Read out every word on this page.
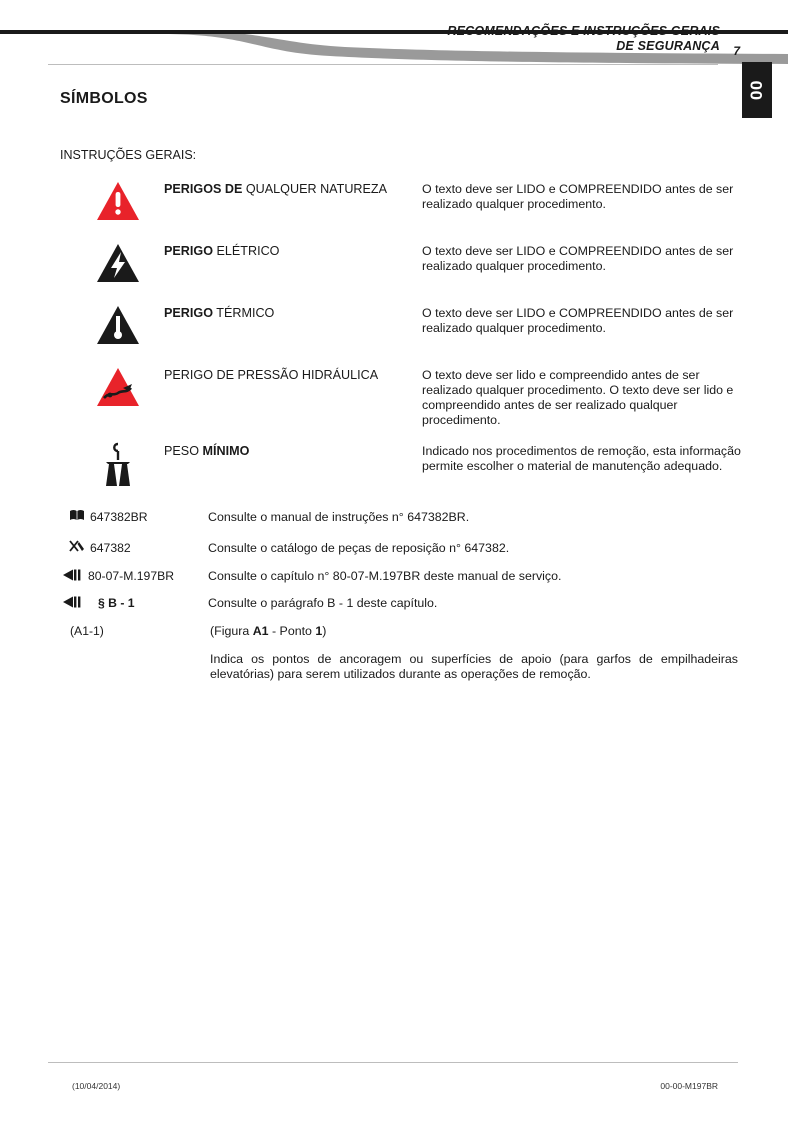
RECOMENDAÇÕES E INSTRUÇÕES GERAIS
DE SEGURANÇA 7
00
SÍMBOLOS
INSTRUÇÕES GERAIS:
PERIGOS DE QUALQUER NATUREZA	O texto deve ser LIDO e COMPREENDIDO antes de ser realizado qualquer procedimento.
PERIGO ELÉTRICO	O texto deve ser LIDO e COMPREENDIDO antes de ser realizado qualquer procedimento.
PERIGO TÉRMICO	O texto deve ser LIDO e COMPREENDIDO antes de ser realizado qualquer procedimento.
PERIGO DE PRESSÃO HIDRÁULICA	O texto deve ser lido e compreendido antes de ser realizado qualquer procedimento. O texto deve ser lido e compreendido antes de ser realizado qualquer procedimento.
PESO MÍNIMO	Indicado nos procedimentos de remoção, esta informação permite escolher o material de manutenção adequado.
647382BR	Consulte o manual de instruções n° 647382BR.
647382	Consulte o catálogo de peças de reposição n° 647382.
80-07-M.197BR	Consulte o capítulo n° 80-07-M.197BR deste manual de serviço.
§ B - 1	Consulte o parágrafo B - 1 deste capítulo.
(A1-1)	(Figura A1 - Ponto 1)
Indica os pontos de ancoragem ou superfícies de apoio (para garfos de empilhadeiras elevatórias) para serem utilizados durante as operações de remoção.
(10/04/2014)	00-00-M197BR
